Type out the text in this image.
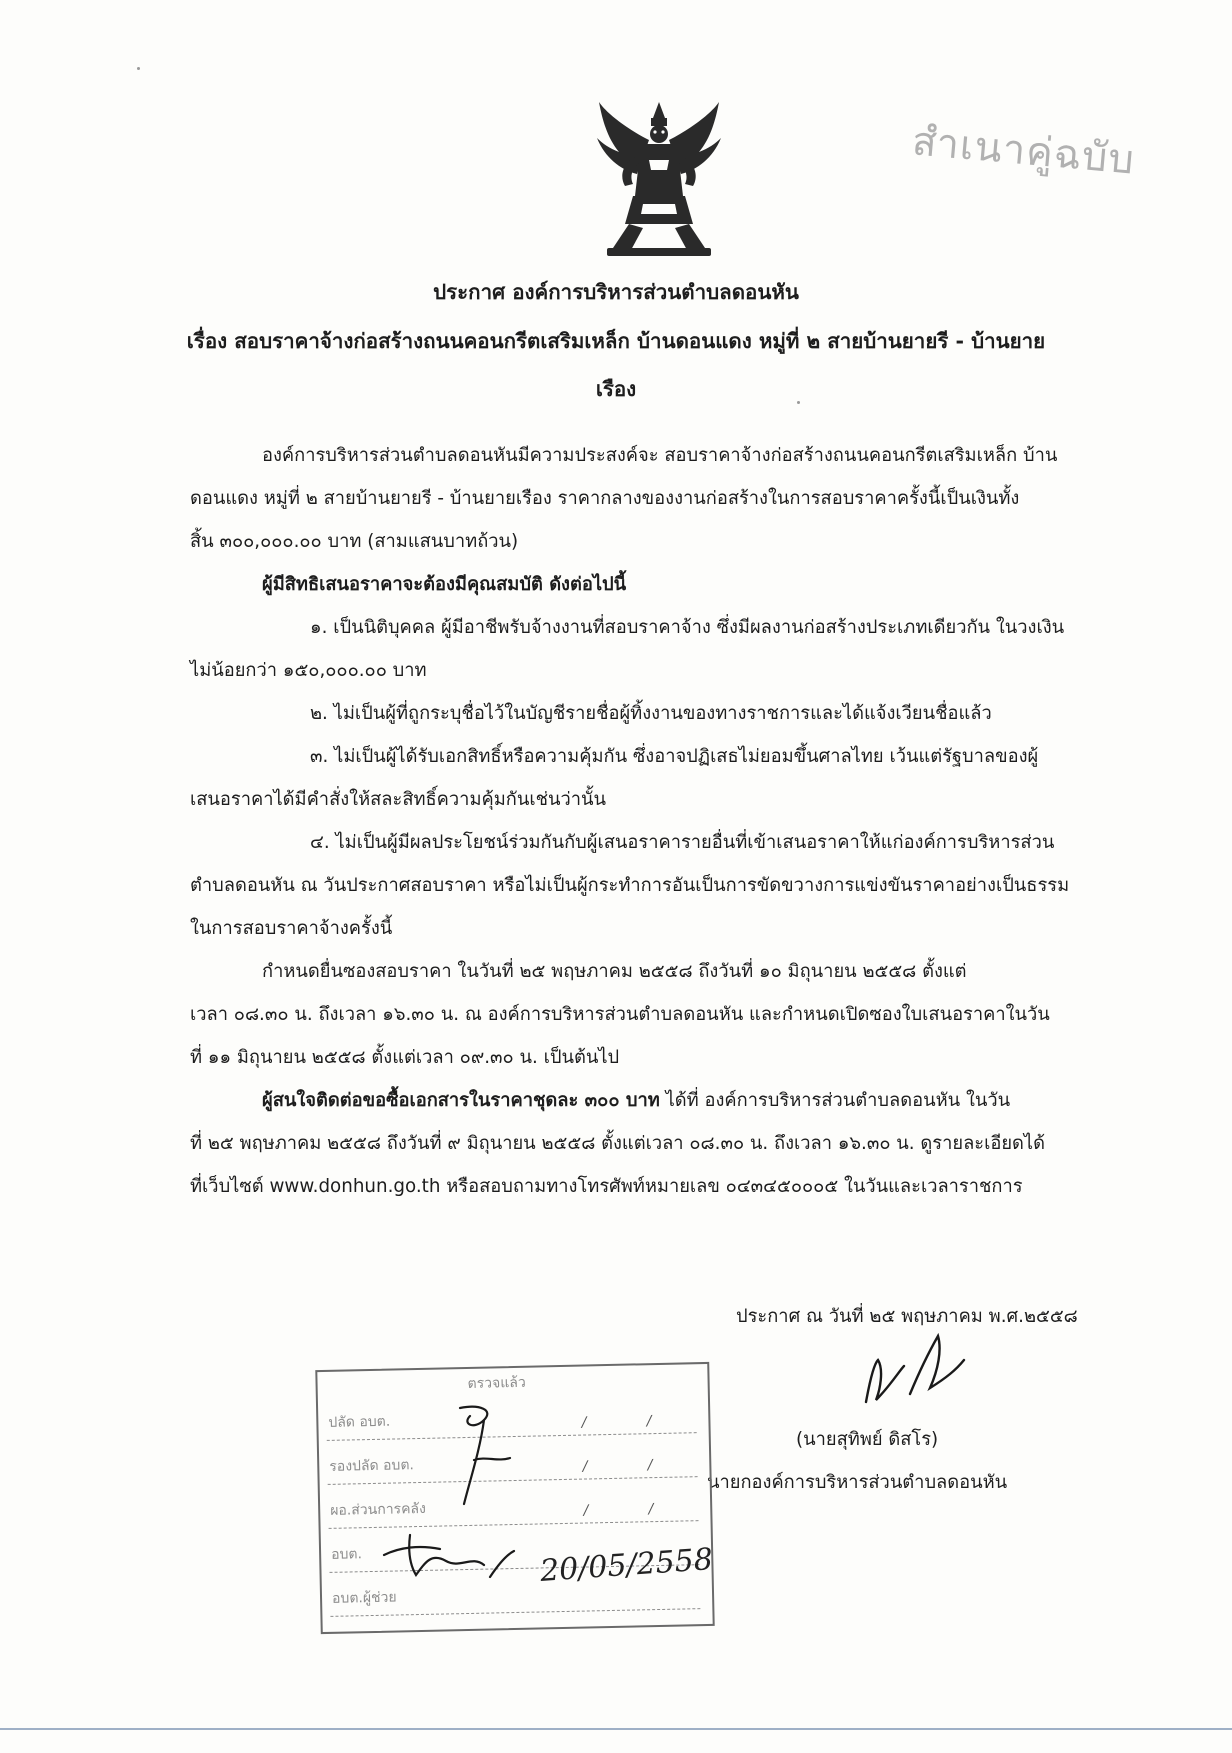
สำเนาคู่ฉบับ
ประกาศ องค์การบริหารส่วนตำบลดอนหัน
เรื่อง สอบราคาจ้างก่อสร้างถนนคอนกรีตเสริมเหล็ก บ้านดอนแดง หมู่ที่ ๒ สายบ้านยายรี - บ้านยาย
เรือง
องค์การบริหารส่วนตำบลดอนหันมีความประสงค์จะ สอบราคาจ้างก่อสร้างถนนคอนกรีตเสริมเหล็ก บ้าน
ดอนแดง หมู่ที่ ๒ สายบ้านยายรี - บ้านยายเรือง ราคากลางของงานก่อสร้างในการสอบราคาครั้งนี้เป็นเงินทั้ง
สิ้น ๓๐๐,๐๐๐.๐๐ บาท (สามแสนบาทถ้วน)
ผู้มีสิทธิเสนอราคาจะต้องมีคุณสมบัติ ดังต่อไปนี้
๑. เป็นนิติบุคคล ผู้มีอาชีพรับจ้างงานที่สอบราคาจ้าง ซึ่งมีผลงานก่อสร้างประเภทเดียวกัน ในวงเงิน
ไม่น้อยกว่า ๑๕๐,๐๐๐.๐๐ บาท
๒. ไม่เป็นผู้ที่ถูกระบุชื่อไว้ในบัญชีรายชื่อผู้ทิ้งงานของทางราชการและได้แจ้งเวียนชื่อแล้ว
๓. ไม่เป็นผู้ได้รับเอกสิทธิ์หรือความคุ้มกัน ซึ่งอาจปฏิเสธไม่ยอมขึ้นศาลไทย เว้นแต่รัฐบาลของผู้
เสนอราคาได้มีคำสั่งให้สละสิทธิ์ความคุ้มกันเช่นว่านั้น
๔. ไม่เป็นผู้มีผลประโยชน์ร่วมกันกับผู้เสนอราคารายอื่นที่เข้าเสนอราคาให้แก่องค์การบริหารส่วน
ตำบลดอนหัน ณ วันประกาศสอบราคา หรือไม่เป็นผู้กระทำการอันเป็นการขัดขวางการแข่งขันราคาอย่างเป็นธรรม
ในการสอบราคาจ้างครั้งนี้
กำหนดยื่นซองสอบราคา ในวันที่ ๒๕ พฤษภาคม ๒๕๕๘ ถึงวันที่ ๑๐ มิถุนายน ๒๕๕๘ ตั้งแต่
เวลา ๐๘.๓๐ น. ถึงเวลา ๑๖.๓๐ น. ณ องค์การบริหารส่วนตำบลดอนหัน และกำหนดเปิดซองใบเสนอราคาในวัน
ที่ ๑๑ มิถุนายน ๒๕๕๘ ตั้งแต่เวลา ๐๙.๓๐ น. เป็นต้นไป
ผู้สนใจติดต่อขอซื้อเอกสารในราคาชุดละ ๓๐๐ บาท ได้ที่ องค์การบริหารส่วนตำบลดอนหัน ในวัน
ที่ ๒๕ พฤษภาคม ๒๕๕๘ ถึงวันที่ ๙ มิถุนายน ๒๕๕๘ ตั้งแต่เวลา ๐๘.๓๐ น. ถึงเวลา ๑๖.๓๐ น. ดูรายละเอียดได้
ที่เว็บไซต์ www.donhun.go.th หรือสอบถามทางโทรศัพท์หมายเลข ๐๔๓๔๕๐๐๐๕ ในวันและเวลาราชการ
ประกาศ ณ วันที่ ๒๕ พฤษภาคม พ.ศ.๒๕๕๘
(นายสุทิพย์ ดิสโร)
นายกองค์การบริหารส่วนตำบลดอนหัน
ตรวจแล้ว
ปลัด อบต.	/	/
รองปลัด อบต.	/	/
ผอ.ส่วนการคลัง	/	/
อบต.
อบต.ผู้ช่วย
20/05/2558
